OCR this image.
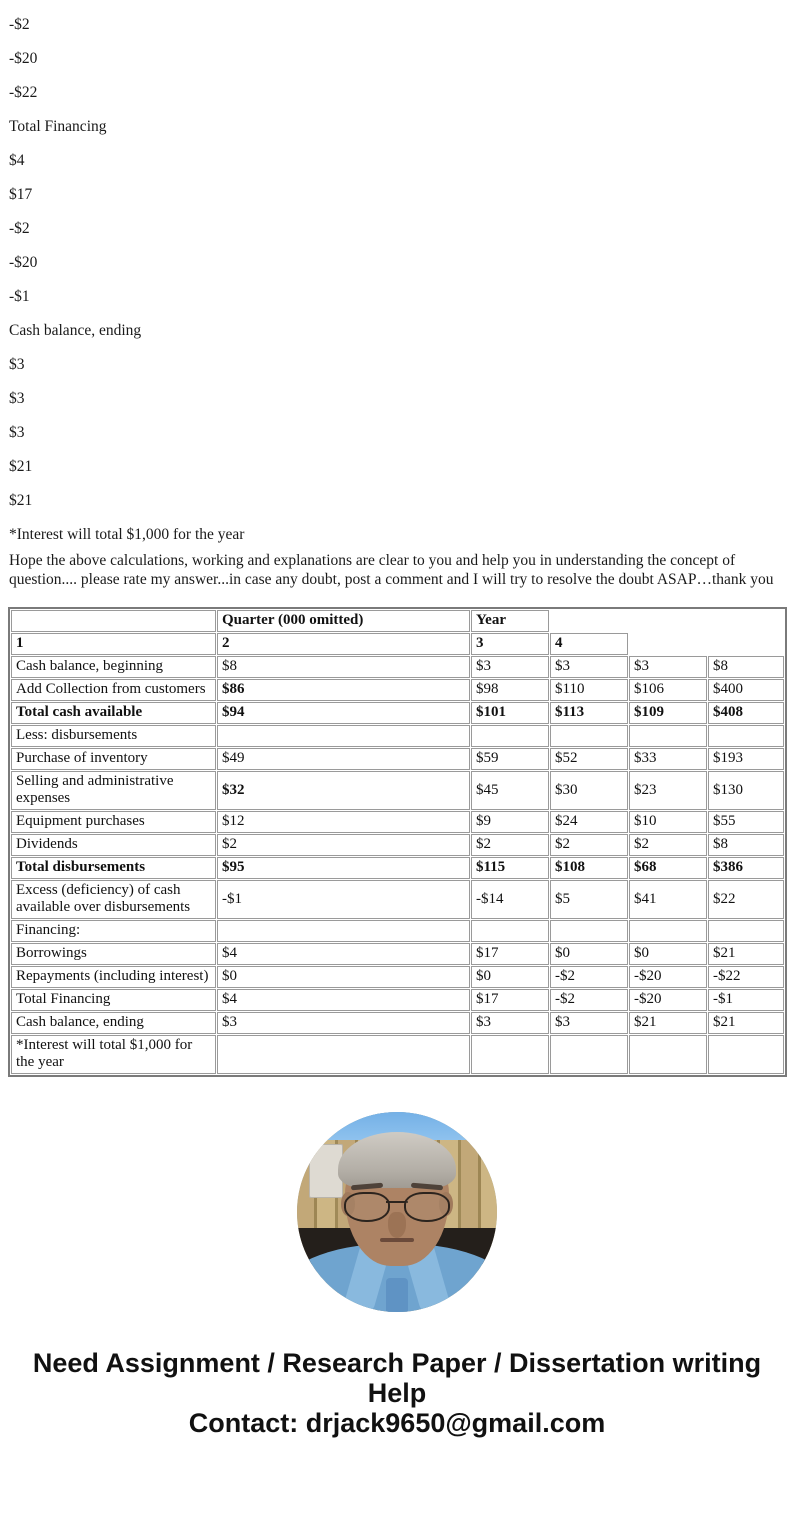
-$2

-$20

-$22

Total Financing

$4

$17

-$2

-$20

-$1

Cash balance, ending

$3

$3

$3

$21

$21

*Interest will total $1,000 for the year

Hope the above calculations, working and explanations are clear to you and help you in understanding the concept of question.... please rate my answer...in case any doubt, post a comment and I will try to resolve the doubt ASAP…thank you

	Quarter (000 omitted)	Year			
1	2	3	4		
Cash balance, beginning	$8	$3	$3	$3	$8
Add Collection from customers	$86	$98	$110	$106	$400
Total cash available	$94	$101	$113	$109	$408
Less: disbursements					
Purchase of inventory	$49	$59	$52	$33	$193
Selling and administrative expenses	$32	$45	$30	$23	$130
Equipment purchases	$12	$9	$24	$10	$55
Dividends	$2	$2	$2	$2	$8
Total disbursements	$95	$115	$108	$68	$386
Excess (deficiency) of cash available over disbursements	-$1	-$14	$5	$41	$22
Financing:					
Borrowings	$4	$17	$0	$0	$21
Repayments (including interest)	$0	$0	-$2	-$20	-$22
Total Financing	$4	$17	-$2	-$20	-$1
Cash balance, ending	$3	$3	$3	$21	$21
*Interest will total $1,000 for the year					
Need Assignment / Research Paper / Dissertation writing Help
Contact: drjack9650@gmail.com
